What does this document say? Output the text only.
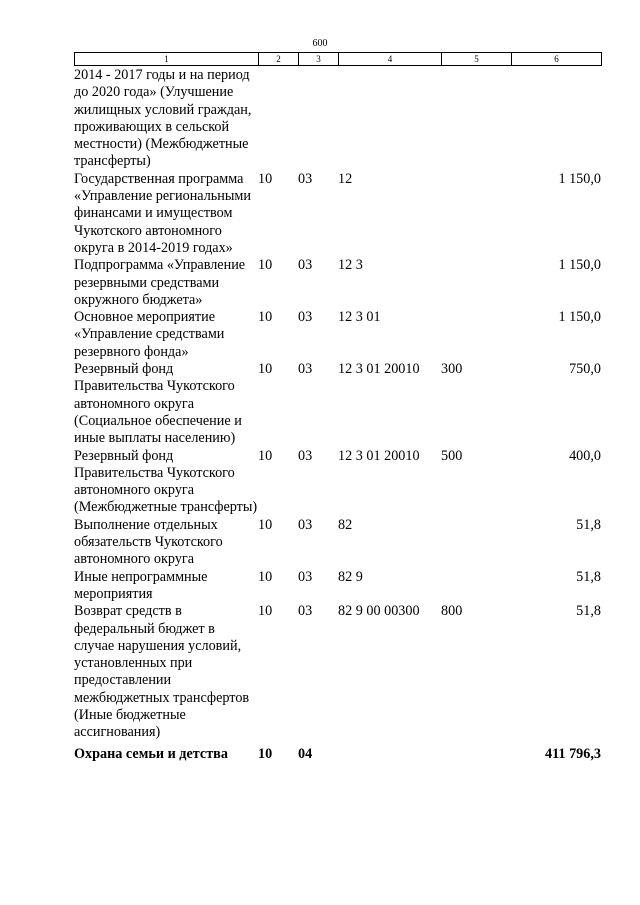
600
1	2	3	4	5	6
2014 - 2017 годы и на период до 2020 года» (Улучшение жилищных условий граждан, проживающих в сельской местности) (Межбюджетные трансферты)					
Государственная программа «Управление региональными финансами и имуществом Чукотского автономного округа в 2014-2019 годах»	10	03	12		1 150,0
Подпрограмма «Управление резервными средствами окружного бюджета»	10	03	12 3		1 150,0
Основное мероприятие «Управление средствами резервного фонда»	10	03	12 3 01		1 150,0
Резервный фонд Правительства Чукотского автономного округа (Социальное обеспечение и иные выплаты населению)	10	03	12 3 01 20010	300	750,0
Резервный фонд Правительства Чукотского автономного округа (Межбюджетные трансферты)	10	03	12 3 01 20010	500	400,0
Выполнение отдельных обязательств Чукотского автономного округа	10	03	82		51,8
Иные непрограммные мероприятия	10	03	82 9		51,8
Возврат средств в федеральный бюджет в случае нарушения условий, установленных при предоставлении межбюджетных трансфертов (Иные бюджетные ассигнования)	10	03	82 9 00 00300	800	51,8
Охрана семьи и детства	10	04			411 796,3
